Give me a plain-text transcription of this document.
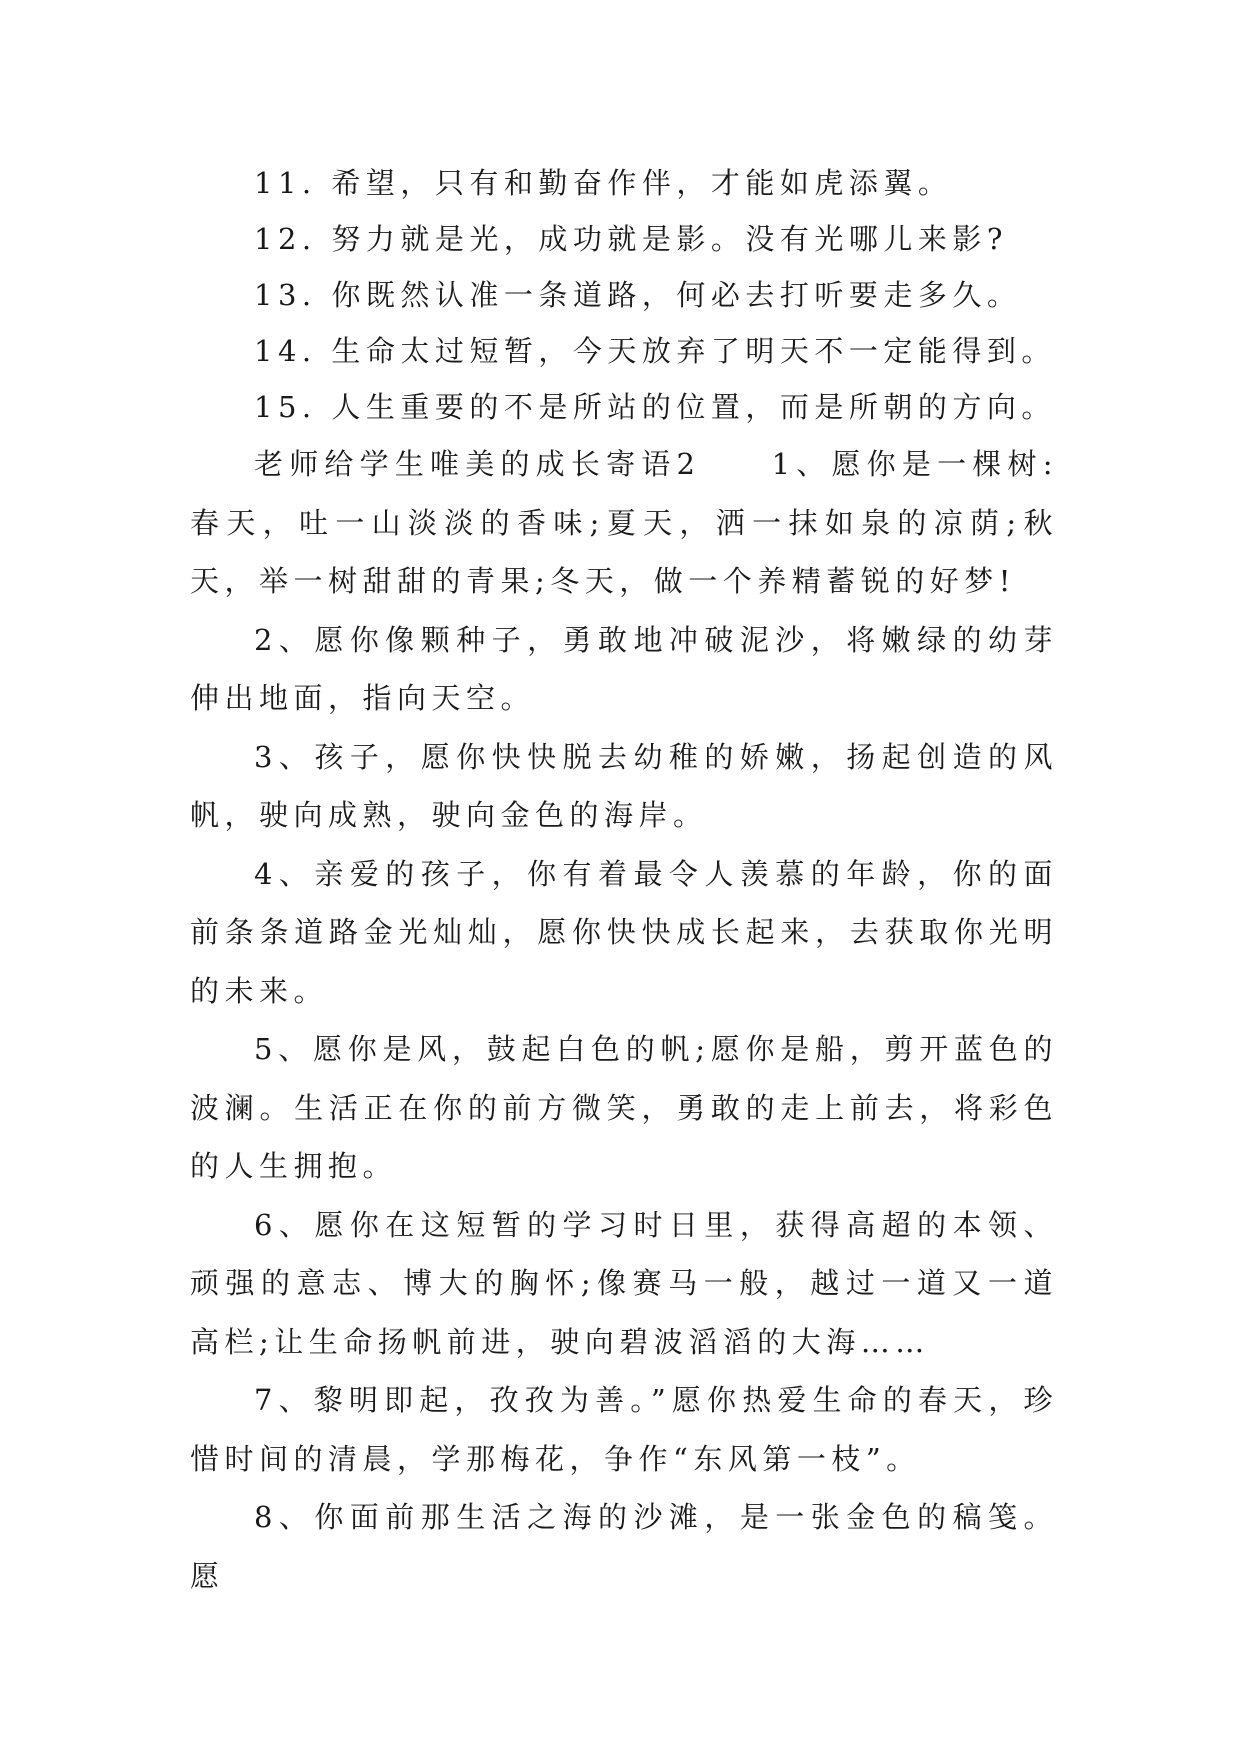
11. 希望，只有和勤奋作伴，才能如虎添翼。

12. 努力就是光，成功就是影。没有光哪儿来影?

13. 你既然认准一条道路，何必去打听要走多久。

14. 生命太过短暂，今天放弃了明天不一定能得到。

15. 人生重要的不是所站的位置，而是所朝的方向。

老师给学生唯美的成长寄语2　　1、愿你是一棵树:春天，吐一山淡淡的香味;夏天，洒一抹如泉的凉荫;秋天，举一树甜甜的青果;冬天，做一个养精蓄锐的好梦!

2、愿你像颗种子，勇敢地冲破泥沙，将嫩绿的幼芽伸出地面，指向天空。

3、孩子，愿你快快脱去幼稚的娇嫩，扬起创造的风帆，驶向成熟，驶向金色的海岸。

4、亲爱的孩子，你有着最令人羡慕的年龄，你的面前条条道路金光灿灿，愿你快快成长起来，去获取你光明的未来。

5、愿你是风，鼓起白色的帆;愿你是船，剪开蓝色的波澜。生活正在你的前方微笑，勇敢的走上前去，将彩色的人生拥抱。

6、愿你在这短暂的学习时日里，获得高超的本领、顽强的意志、博大的胸怀;像赛马一般，越过一道又一道高栏;让生命扬帆前进，驶向碧波滔滔的大海……

7、黎明即起，孜孜为善。”愿你热爱生命的春天，珍惜时间的清晨，学那梅花，争作“东风第一枝”。

8、你面前那生活之海的沙滩，是一张金色的稿笺。愿
